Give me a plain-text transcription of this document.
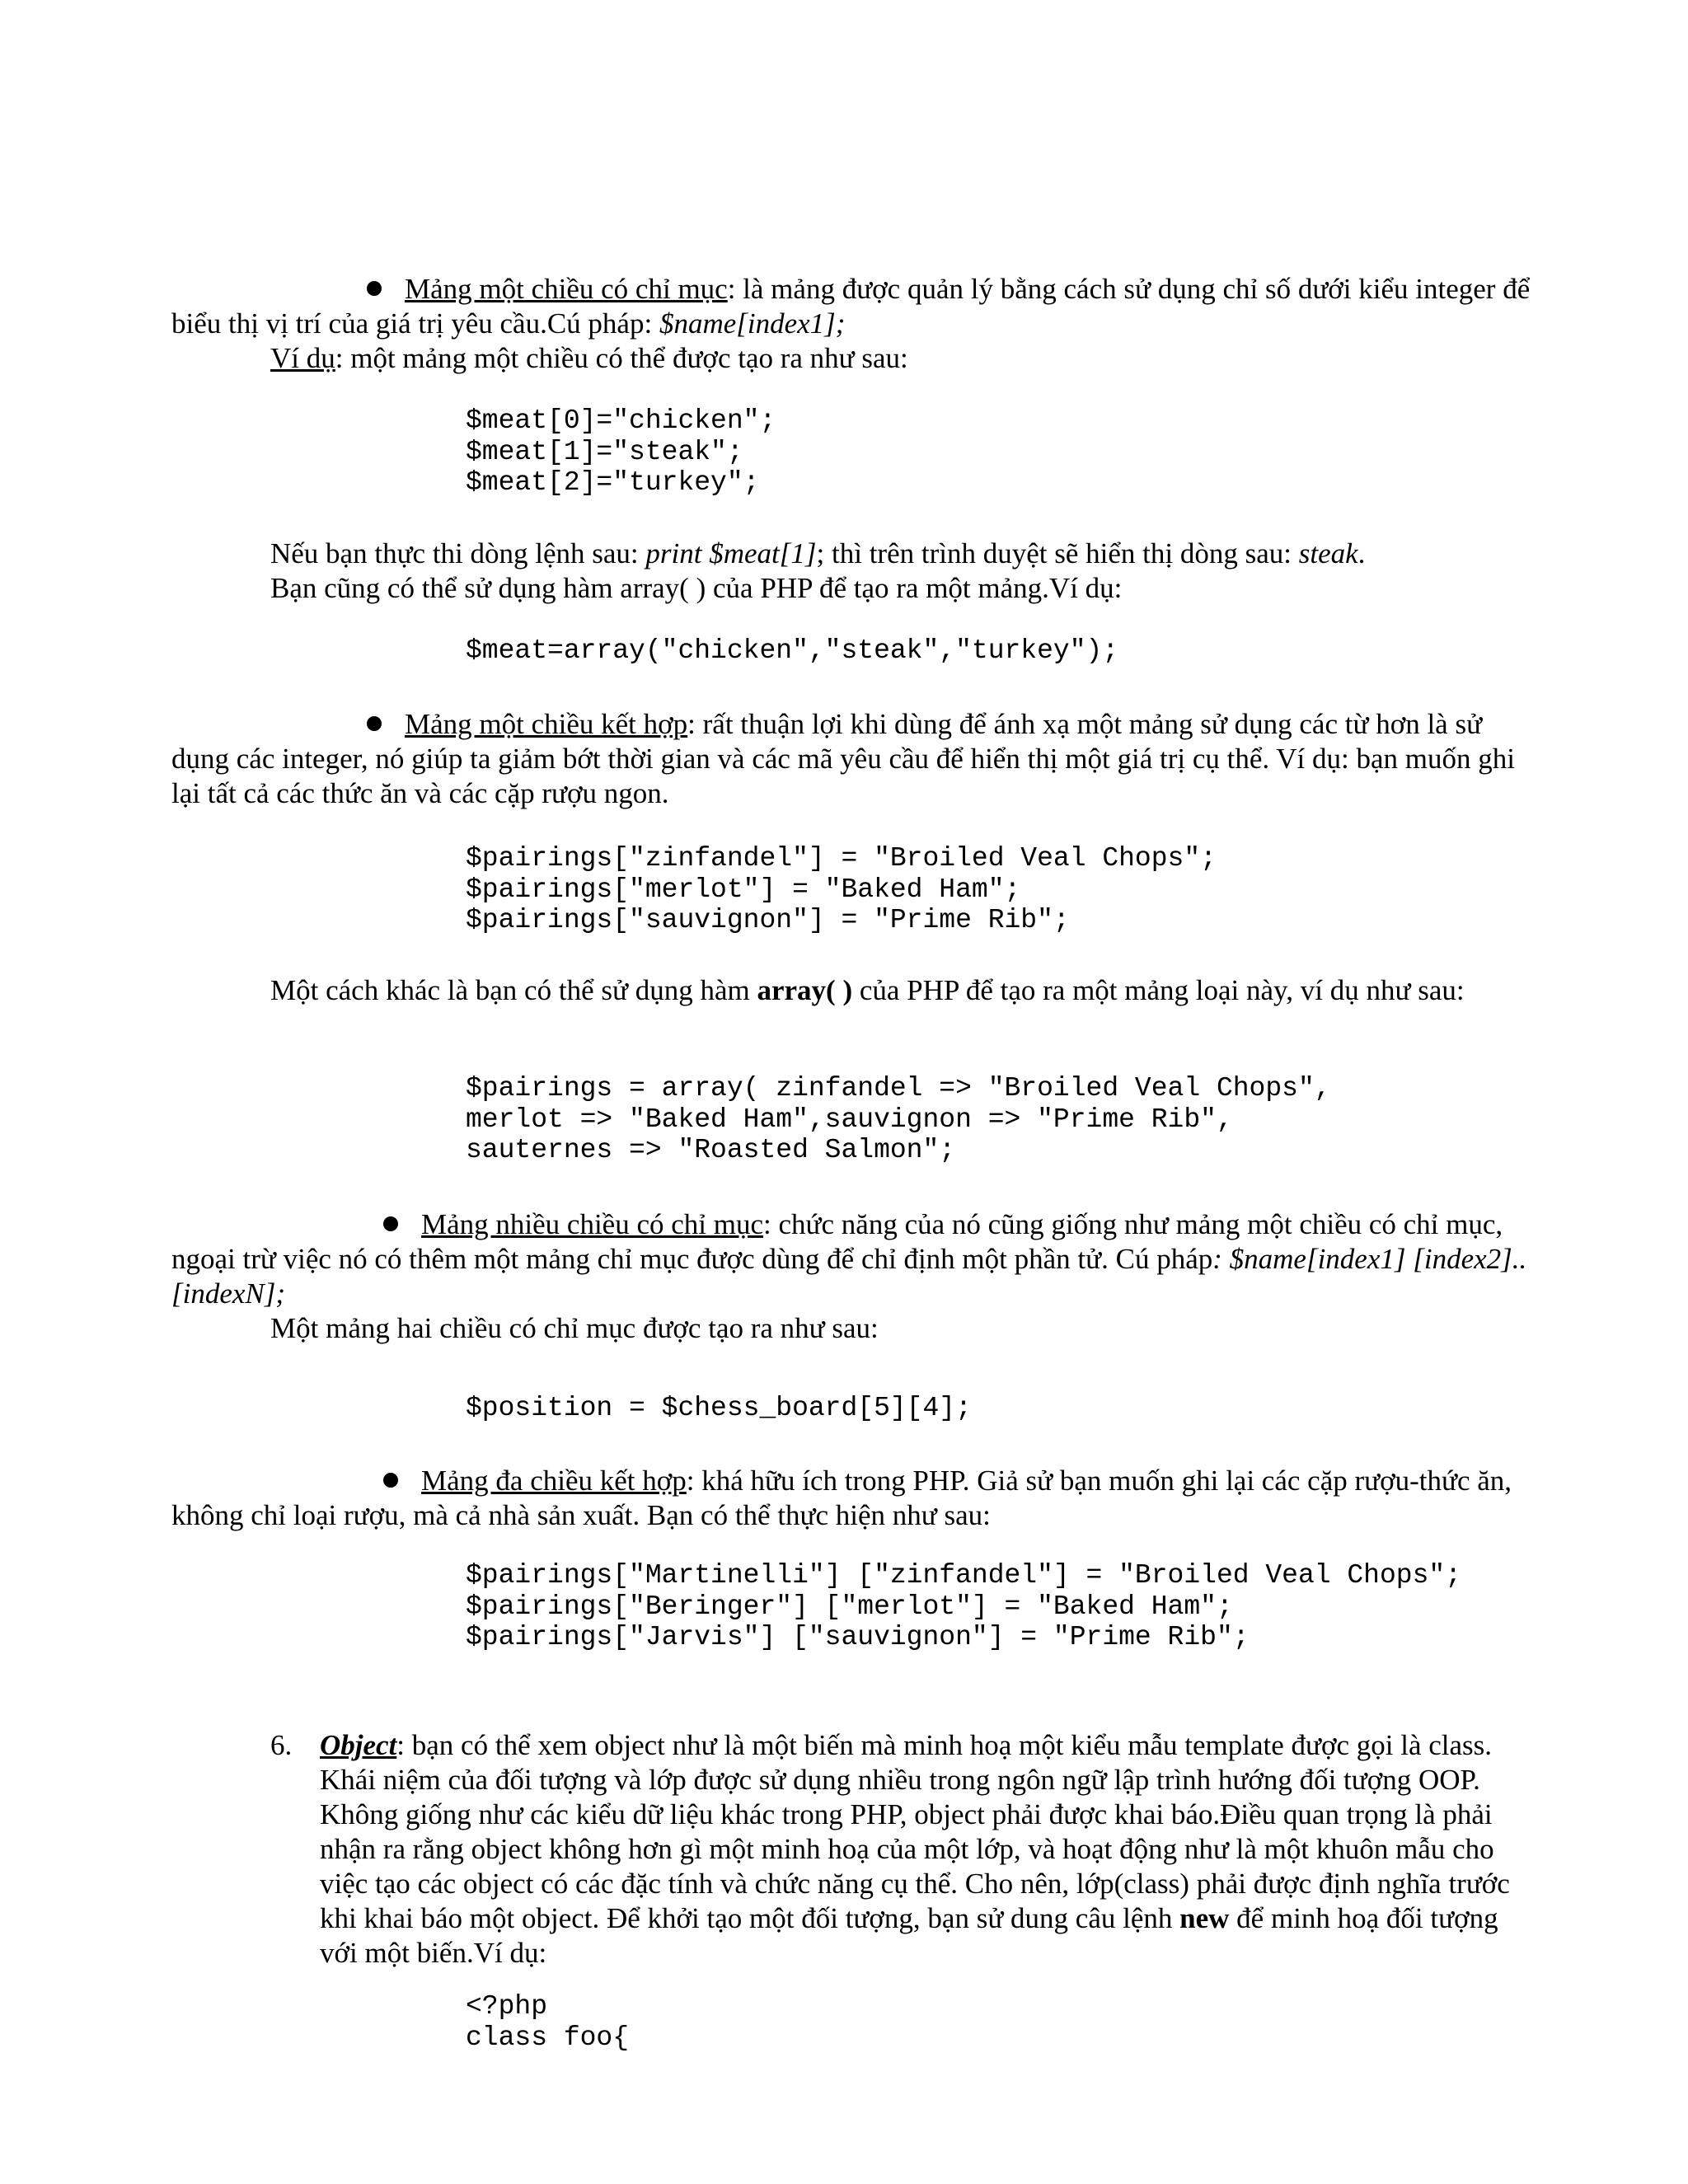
Mảng một chiều có chỉ mục: là mảng được quản lý bằng cách sử dụng chỉ số dưới kiểu integer để biểu thị vị trí của giá trị yêu cầu.Cú pháp: $name[index1];

Ví dụ: một mảng một chiều có thể được tạo ra như sau:

$meat[0]="chicken";
$meat[1]="steak";
$meat[2]="turkey";

Nếu bạn thực thi dòng lệnh sau: print $meat[1]; thì trên trình duyệt sẽ hiển thị dòng sau: steak.

Bạn cũng có thể sử dụng hàm array( ) của PHP để tạo ra một mảng.Ví dụ:

$meat=array("chicken","steak","turkey");

Mảng một chiều kết hợp: rất thuận lợi khi dùng để ánh xạ một mảng sử dụng các từ hơn là sử dụng các integer, nó giúp ta giảm bớt thời gian và các mã yêu cầu để hiển thị một giá trị cụ thể. Ví dụ: bạn muốn ghi lại tất cả các thức ăn và các cặp rượu ngon.

$pairings["zinfandel"] = "Broiled Veal Chops";
$pairings["merlot"] = "Baked Ham";
$pairings["sauvignon"] = "Prime Rib";

Một cách khác là bạn có thể sử dụng hàm array( ) của PHP để tạo ra một mảng loại này, ví dụ như sau:

$pairings = array( zinfandel => "Broiled Veal Chops",
merlot => "Baked Ham",sauvignon => "Prime Rib",
sauternes => "Roasted Salmon";

Mảng nhiều chiều có chỉ mục: chức năng của nó cũng giống như mảng một chiều có chỉ mục, ngoại trừ việc nó có thêm một mảng chỉ mục được dùng để chỉ định một phần tử. Cú pháp: $name[index1] [index2]..[indexN];

Một mảng hai chiều có chỉ mục được tạo ra như sau:

$position = $chess_board[5][4];

Mảng đa chiều kết hợp: khá hữu ích trong PHP. Giả sử bạn muốn ghi lại các cặp rượu-thức ăn, không chỉ loại rượu, mà cả nhà sản xuất. Bạn có thể thực hiện như sau:

$pairings["Martinelli"] ["zinfandel"] = "Broiled Veal Chops";
$pairings["Beringer"] ["merlot"] = "Baked Ham";
$pairings["Jarvis"] ["sauvignon"] = "Prime Rib";
6. Object: bạn có thể xem object như là một biến mà minh hoạ một kiểu mẫu template được gọi là class. Khái niệm của đối tượng và lớp được sử dụng nhiều trong ngôn ngữ lập trình hướng đối tượng OOP. Không giống như các kiểu dữ liệu khác trong PHP, object phải được khai báo.Điều quan trọng là phải nhận ra rằng object không hơn gì một minh hoạ của một lớp, và hoạt động như là một khuôn mẫu cho việc tạo các object có các đặc tính và chức năng cụ thể. Cho nên, lớp(class) phải được định nghĩa trước khi khai báo một object. Để khởi tạo một đối tượng, bạn sử dung câu lệnh new để minh hoạ đối tượng với một biến.Ví dụ:

<?php
class foo{
